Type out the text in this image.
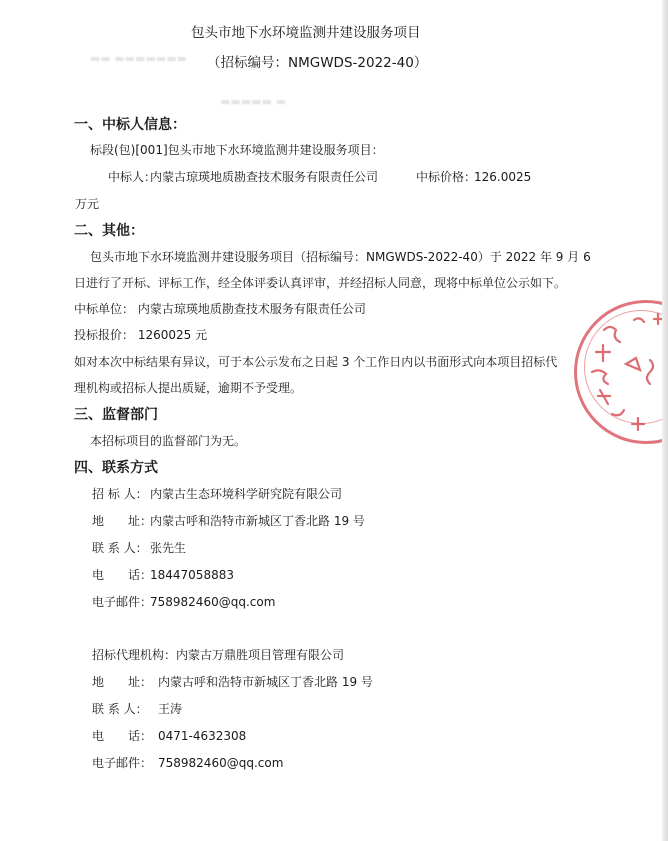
▬▬ ▬▬▬▬▬▬▬
▬▬▬▬▬ ▬
包头市地下水环境监测井建设服务项目
（招标编号：NMGWDS-2022-40）
一、中标人信息：
标段(包)[001]包头市地下水环境监测井建设服务项目：
中标人：
内蒙古琼瑛地质勘查技术服务有限责任公司	中标价格：
126.0025
万元
二、其他：
包头市地下水环境监测井建设服务项目（招标编号：NMGWDS-2022-40）于 2022 年 9 月 6
日进行了开标、评标工作，经全体评委认真评审，并经招标人同意，现将中标单位公示如下。
中标单位： 内蒙古琼瑛地质勘查技术服务有限责任公司
投标报价： 1260025 元
如对本次中标结果有异议，可于本公示发布之日起 3 个工作日内以书面形式向本项目招标代
理机构或招标人提出质疑，逾期不予受理。
三、监督部门
本招标项目的监督部门为无。
四、联系方式
招 标 人： 内蒙古生态环境科学研究院有限公司
地　　址：
内蒙古呼和浩特市新城区丁香北路 19 号
联 系 人： 张先生
电　　话：
18447058883
电子邮件：
758982460@qq.com
招标代理机构： 内蒙古万鼎胜项目管理有限公司
地　　址： 内蒙古呼和浩特市新城区丁香北路 19 号
联 系 人： 王涛
电　　话： 0471-4632308
电子邮件： 758982460@qq.com
